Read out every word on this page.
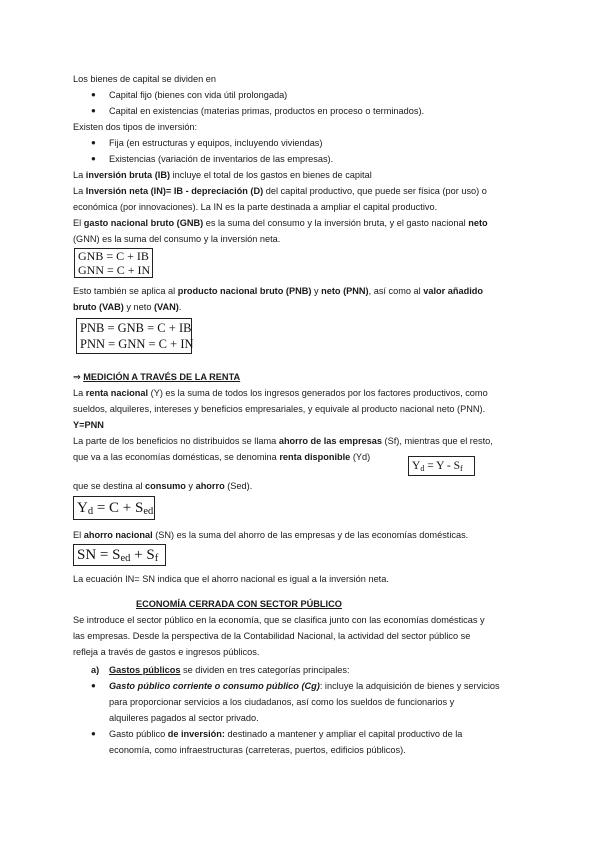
Los bienes de capital se dividen en
● Capital fijo (bienes con vida útil prolongada)
● Capital en existencias (materias primas, productos en proceso o terminados).
Existen dos tipos de inversión:
● Fija (en estructuras y equipos, incluyendo viviendas)
● Existencias (variación de inventarios de las empresas).
La inversión bruta (IB) incluye el total de los gastos en bienes de capital
La Inversión neta (IN)= IB - depreciación (D) del capital productivo, que puede ser física (por uso) o
económica (por innovaciones). La IN es la parte destinada a ampliar el capital productivo.
El gasto nacional bruto (GNB) es la suma del consumo y la inversión bruta, y el gasto nacional neto
(GNN) es la suma del consumo y la inversión neta.
GNB = C + IB
GNN = C + IN
Esto también se aplica al producto nacional bruto (PNB) y neto (PNN), así como al valor añadido
bruto (VAB) y neto (VAN).
PNB = GNB = C + IB
PNN = GNN = C + IN
⇒ MEDICIÓN A TRAVÉS DE LA RENTA
La renta nacional (Y) es la suma de todos los ingresos generados por los factores productivos, como
sueldos, alquileres, intereses y beneficios empresariales, y equivale al producto nacional neto (PNN).
Y=PNN
La parte de los beneficios no distribuidos se llama ahorro de las empresas (Sf), mientras que el resto,
que va a las economías domésticas, se denomina renta disponible (Yd)
$Y_d = Y - S_f$
que se destina al consumo y ahorro (Sed).
$Y_d = C + S_{ed}$
El ahorro nacional (SN) es la suma del ahorro de las empresas y de las economías domésticas.
SN = $S_{ed} + S_f$
La ecuación IN= SN indica que el ahorro nacional es igual a la inversión neta.
ECONOMÍA CERRADA CON SECTOR PÚBLICO
Se introduce el sector público en la economía, que se clasifica junto con las economías domésticas y
las empresas. Desde la perspectiva de la Contabilidad Nacional, la actividad del sector público se
refleja a través de gastos e ingresos públicos.
a) Gastos públicos se dividen en tres categorías principales:
● Gasto público corriente o consumo público (Cg): incluye la adquisición de bienes y servicios
para proporcionar servicios a los ciudadanos, así como los sueldos de funcionarios y
alquileres pagados al sector privado.
● Gasto público de inversión: destinado a mantener y ampliar el capital productivo de la
economía, como infraestructuras (carreteras, puertos, edificios públicos).
